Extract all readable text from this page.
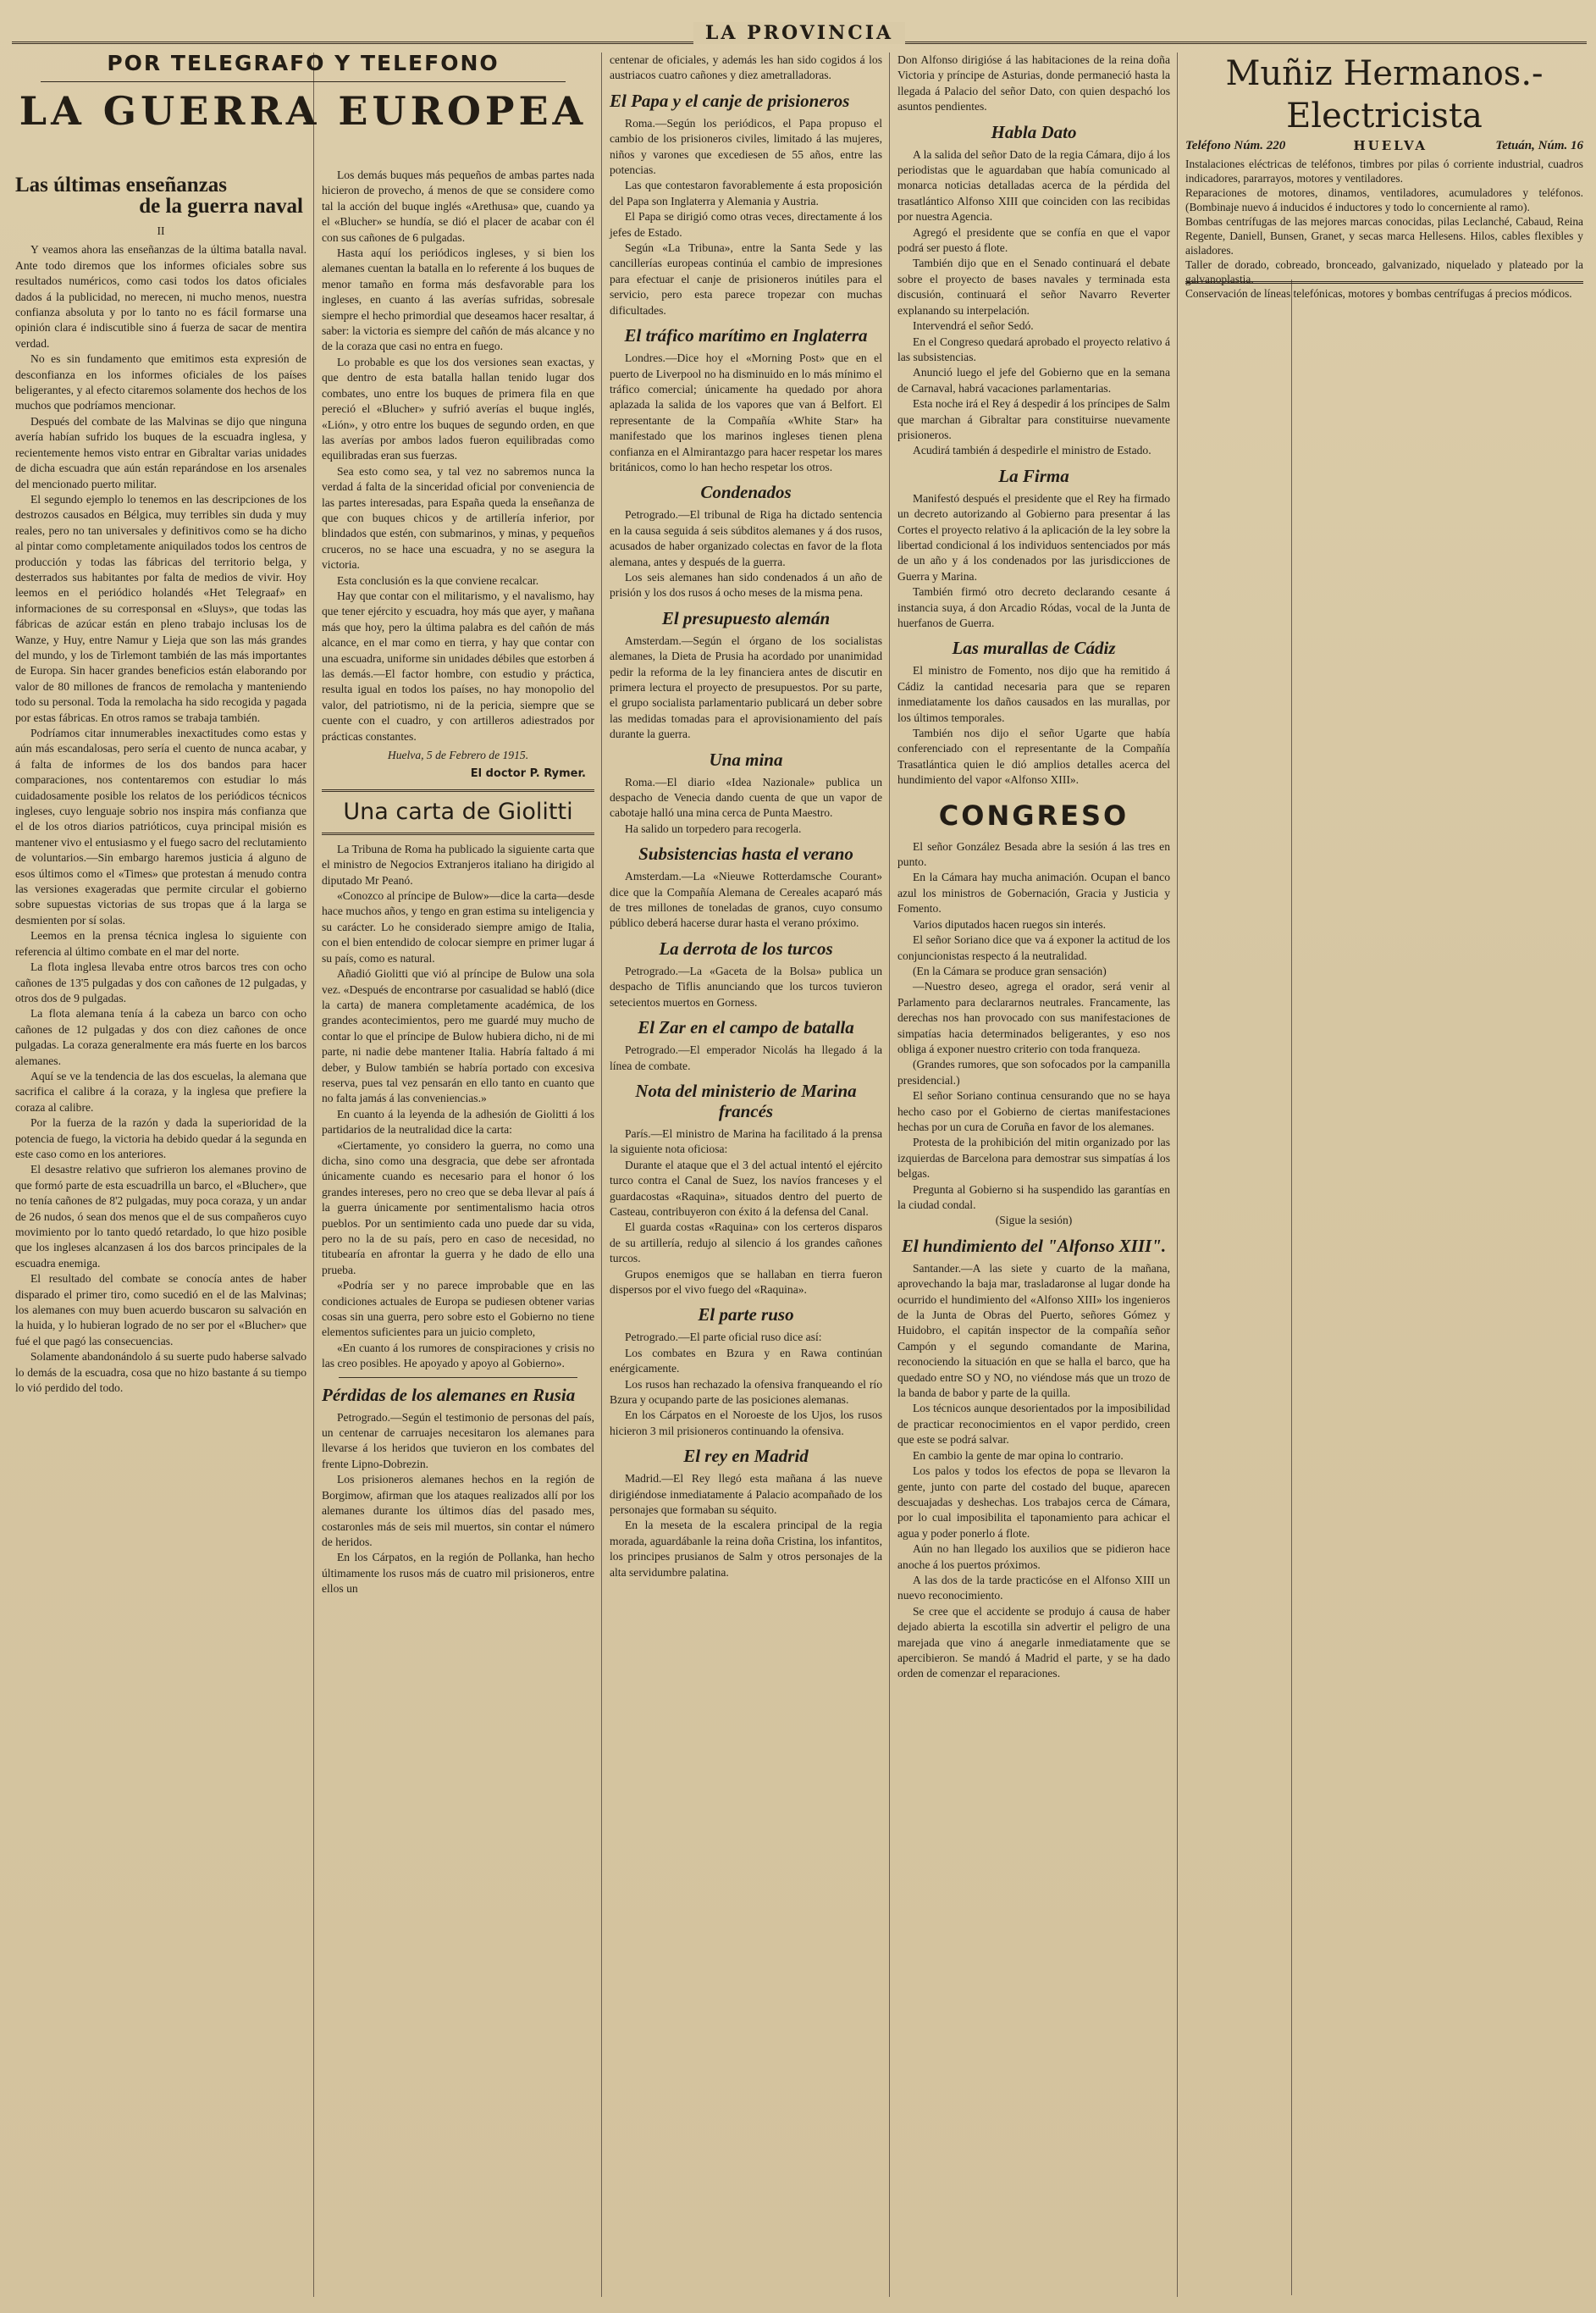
LA PROVINCIA
POR TELEGRAFO Y TELEFONO
LA GUERRA EUROPEA
Las últimas enseñanzas
de la guerra naval
II

Y veamos ahora las enseñanzas de la última batalla naval. Ante todo diremos que los informes oficiales sobre sus resultados numéricos, como casi todos los datos oficiales dados á la publicidad, no merecen, ni mucho menos, nuestra confianza absoluta y por lo tanto no es fácil formarse una opinión clara é indiscutible sino á fuerza de sacar de mentira verdad.

No es sin fundamento que emitimos esta expresión de desconfianza en los informes oficiales de los países beligerantes, y al efecto citaremos solamente dos hechos de los muchos que podríamos mencionar.

Después del combate de las Malvinas se dijo que ninguna avería habían sufrido los buques de la escuadra inglesa, y recientemente hemos visto entrar en Gibraltar varias unidades de dicha escuadra que aún están reparándose en los arsenales del mencionado puerto militar.

El segundo ejemplo lo tenemos en las descripciones de los destrozos causados en Bélgica, muy terribles sin duda y muy reales, pero no tan universales y definitivos como se ha dicho al pintar como completamente aniquilados todos los centros de producción y todas las fábricas del territorio belga, y desterrados sus habitantes por falta de medios de vivir. Hoy leemos en el periódico holandés «Het Telegraaf» en informaciones de su corresponsal en «Sluys», que todas las fábricas de azúcar están en pleno trabajo inclusas los de Wanze, y Huy, entre Namur y Lieja que son las más grandes del mundo, y los de Tirlemont también de las más importantes de Europa. Sin hacer grandes beneficios están elaborando por valor de 80 millones de francos de remolacha y manteniendo todo su personal. Toda la remolacha ha sido recogida y pagada por estas fábricas. En otros ramos se trabaja también.

Podríamos citar innumerables inexactitudes como estas y aún más escandalosas, pero sería el cuento de nunca acabar, y á falta de informes de los dos bandos para hacer comparaciones, nos contentaremos con estudiar lo más cuidadosamente posible los relatos de los periódicos técnicos ingleses, cuyo lenguaje sobrio nos inspira más confianza que el de los otros diarios patrióticos, cuya principal misión es mantener vivo el entusiasmo y el fuego sacro del reclutamiento de voluntarios.—Sin embargo haremos justicia á alguno de esos últimos como el «Times» que protestan á menudo contra las versiones exageradas que permite circular el gobierno sobre supuestas victorias de sus tropas que á la larga se desmienten por sí solas.

Leemos en la prensa técnica inglesa lo siguiente con referencia al último combate en el mar del norte.

La flota inglesa llevaba entre otros barcos tres con ocho cañones de 13'5 pulgadas y dos con cañones de 12 pulgadas, y otros dos de 9 pulgadas.

La flota alemana tenía á la cabeza un barco con ocho cañones de 12 pulgadas y dos con diez cañones de once pulgadas. La coraza generalmente era más fuerte en los barcos alemanes.

Aquí se ve la tendencia de las dos escuelas, la alemana que sacrifica el calibre á la coraza, y la inglesa que prefiere la coraza al calibre.

Por la fuerza de la razón y dada la superioridad de la potencia de fuego, la victoria ha debido quedar á la segunda en este caso como en los anteriores.

El desastre relativo que sufrieron los alemanes provino de que formó parte de esta escuadrilla un barco, el «Blucher», que no tenía cañones de 8'2 pulgadas, muy poca coraza, y un andar de 26 nudos, ó sean dos menos que el de sus compañeros cuyo movimiento por lo tanto quedó retardado, lo que hizo posible que los ingleses alcanzasen á los dos barcos principales de la escuadra enemiga.

El resultado del combate se conocía antes de haber disparado el primer tiro, como sucedió en el de las Malvinas; los alemanes con muy buen acuerdo buscaron su salvación en la huida, y lo hubieran logrado de no ser por el «Blucher» que fué el que pagó las consecuencias.

Solamente abandonándolo á su suerte pudo haberse salvado lo demás de la escuadra, cosa que no hizo bastante á su tiempo lo vió perdido del todo.

Los demás buques más pequeños de ambas partes nada hicieron de provecho, á menos de que se considere como tal la acción del buque inglés «Arethusa» que, cuando ya el «Blucher» se hundía, se dió el placer de acabar con él con sus cañones de 6 pulgadas.

Hasta aquí los periódicos ingleses, y si bien los alemanes cuentan la batalla en lo referente á los buques de menor tamaño en forma más desfavorable para los ingleses, en cuanto á las averías sufridas, sobresale siempre el hecho primordial que deseamos hacer resaltar, á saber: la victoria es siempre del cañón de más alcance y no de la coraza que casi no entra en fuego.

Lo probable es que los dos versiones sean exactas, y que dentro de esta batalla hallan tenido lugar dos combates, uno entre los buques de primera fila en que pereció el «Blucher» y sufrió averías el buque inglés, «Lión», y otro entre los buques de segundo orden, en que las averías por ambos lados fueron equilibradas como equilibradas eran sus fuerzas.

Sea esto como sea, y tal vez no sabremos nunca la verdad á falta de la sinceridad oficial por conveniencia de las partes interesadas, para España queda la enseñanza de que con buques chicos y de artillería inferior, por blindados que estén, con submarinos, y minas, y pequeños cruceros, no se hace una escuadra, y no se asegura la victoria.

Esta conclusión es la que conviene recalcar.

Hay que contar con el militarismo, y el navalismo, hay que tener ejército y escuadra, hoy más que ayer, y mañana más que hoy, pero la última palabra es del cañón de más alcance, en el mar como en tierra, y hay que contar con una escuadra, uniforme sin unidades débiles que estorben á las demás.—El factor hombre, con estudio y práctica, resulta igual en todos los países, no hay monopolio del valor, del patriotismo, ni de la pericia, siempre que se cuente con el cuadro, y con artilleros adiestrados por prácticas constantes.

Huelva, 5 de Febrero de 1915.
El doctor P. Rymer.
Una carta de Giolitti

La Tribuna de Roma ha publicado la siguiente carta que el ministro de Negocios Extranjeros italiano ha dirigido al diputado Mr Peanó.

«Conozco al príncipe de Bulow»—dice la carta—desde hace muchos años, y tengo en gran estima su inteligencia y su carácter. Lo he considerado siempre amigo de Italia, con el bien entendido de colocar siempre en primer lugar á su país, como es natural.

Añadió Giolitti que vió al príncipe de Bulow una sola vez. «Después de encontrarse por casualidad se habló (dice la carta) de manera completamente académica, de los grandes acontecimientos, pero me guardé muy mucho de contar lo que el príncipe de Bulow hubiera dicho, ni de mi parte, ni nadie debe mantener Italia. Habría faltado á mi deber, y Bulow también se habría portado con excesiva reserva, pues tal vez pensarán en ello tanto en cuanto que no falta jamás á las conveniencias.»

En cuanto á la leyenda de la adhesión de Giolitti á los partidarios de la neutralidad dice la carta:

«Ciertamente, yo considero la guerra, no como una dicha, sino como una desgracia, que debe ser afrontada únicamente cuando es necesario para el honor ó los grandes intereses, pero no creo que se deba llevar al país á la guerra únicamente por sentimentalismo hacia otros pueblos. Por un sentimiento cada uno puede dar su vida, pero no la de su país, pero en caso de necesidad, no titubearía en afrontar la guerra y he dado de ello una prueba.

«Podría ser y no parece improbable que en las condiciones actuales de Europa se pudiesen obtener varias cosas sin una guerra, pero sobre esto el Gobierno no tiene elementos suficientes para un juicio completo,

«En cuanto á los rumores de conspiraciones y crisis no las creo posibles. He apoyado y apoyo al Gobierno».

Pérdidas de los alemanes en Rusia

Petrogrado.—Según el testimonio de personas del país, un centenar de carruajes necesitaron los alemanes para llevarse á los heridos que tuvieron en los combates del frente Lipno-Dobrezin.

Los prisioneros alemanes hechos en la región de Borgimow, afirman que los ataques realizados allí por los alemanes durante los últimos días del pasado mes, costaronles más de seis mil muertos, sin contar el número de heridos.

En los Cárpatos, en la región de Pollanka, han hecho últimamente los rusos más de cuatro mil prisioneros, entre ellos un

centenar de oficiales, y además les han sido cogidos á los austriacos cuatro cañones y diez ametralladoras.

El Papa y el canje de prisioneros

Roma.—Según los periódicos, el Papa propuso el cambio de los prisioneros civiles, limitado á las mujeres, niños y varones que excediesen de 55 años, entre las potencias.

Las que contestaron favorablemente á esta proposición del Papa son Inglaterra y Alemania y Austria.

El Papa se dirigió como otras veces, directamente á los jefes de Estado.

Según «La Tribuna», entre la Santa Sede y las cancillerías europeas continúa el cambio de impresiones para efectuar el canje de prisioneros inútiles para el servicio, pero esta parece tropezar con muchas dificultades.

El tráfico marítimo en Inglaterra

Londres.—Dice hoy el «Morning Post» que en el puerto de Liverpool no ha disminuido en lo más mínimo el tráfico comercial; únicamente ha quedado por ahora aplazada la salida de los vapores que van á Belfort. El representante de la Compañía «White Star» ha manifestado que los marinos ingleses tienen plena confianza en el Almirantazgo para hacer respetar los mares británicos, como lo han hecho respetar los otros.

Condenados

Petrogrado.—El tribunal de Riga ha dictado sentencia en la causa seguida á seis súbditos alemanes y á dos rusos, acusados de haber organizado colectas en favor de la flota alemana, antes y después de la guerra.

Los seis alemanes han sido condenados á un año de prisión y los dos rusos á ocho meses de la misma pena.

El presupuesto alemán

Amsterdam.—Según el órgano de los socialistas alemanes, la Dieta de Prusia ha acordado por unanimidad pedir la reforma de la ley financiera antes de discutir en primera lectura el proyecto de presupuestos. Por su parte, el grupo socialista parlamentario publicará un deber sobre las medidas tomadas para el aprovisionamiento del país durante la guerra.

Una mina

Roma.—El diario «Idea Nazionale» publica un despacho de Venecia dando cuenta de que un vapor de cabotaje halló una mina cerca de Punta Maestro.

Ha salido un torpedero para recogerla.

Subsistencias hasta el verano

Amsterdam.—La «Nieuwe Rotterdamsche Courant» dice que la Compañía Alemana de Cereales acaparó más de tres millones de toneladas de granos, cuyo consumo público deberá hacerse durar hasta el verano próximo.

La derrota de los turcos

Petrogrado.—La «Gaceta de la Bolsa» publica un despacho de Tiflis anunciando que los turcos tuvieron setecientos muertos en Gorness.

El Zar en el campo de batalla

Petrogrado.—El emperador Nicolás ha llegado á la línea de combate.

Nota del ministerio de Marina francés

París.—El ministro de Marina ha facilitado á la prensa la siguiente nota oficiosa:

Durante el ataque que el 3 del actual intentó el ejército turco contra el Canal de Suez, los navíos franceses y el guardacostas «Raquina», situados dentro del puerto de Casteau, contribuyeron con éxito á la defensa del Canal.

El guarda costas «Raquina» con los certeros disparos de su artillería, redujo al silencio á los grandes cañones turcos.

Grupos enemigos que se hallaban en tierra fueron dispersos por el vivo fuego del «Raquina».

El parte ruso

Petrogrado.—El parte oficial ruso dice así:

Los combates en Bzura y en Rawa continúan enérgicamente.

Los rusos han rechazado la ofensiva franqueando el río Bzura y ocupando parte de las posiciones alemanas.

En los Cárpatos en el Noroeste de los Ujos, los rusos hicieron 3 mil prisioneros continuando la ofensiva.

El rey en Madrid

Madrid.—El Rey llegó esta mañana á las nueve dirigiéndose inmediatamente á Palacio acompañado de los personajes que formaban su séquito.

En la meseta de la escalera principal de la regia morada, aguardábanle la reina doña Cristina, los infantitos, los principes prusianos de Salm y otros personajes de la alta servidumbre palatina.

Don Alfonso dirigióse á las habitaciones de la reina doña Victoria y príncipe de Asturias, donde permaneció hasta la llegada á Palacio del señor Dato, con quien despachó los asuntos pendientes.

Habla Dato

A la salida del señor Dato de la regia Cámara, dijo á los periodistas que le aguardaban que había comunicado al monarca noticias detalladas acerca de la pérdida del trasatlántico Alfonso XIII que coinciden con las recibidas por nuestra Agencia.

Agregó el presidente que se confía en que el vapor podrá ser puesto á flote.

También dijo que en el Senado continuará el debate sobre el proyecto de bases navales y terminada esta discusión, continuará el señor Navarro Reverter explanando su interpelación.

Intervendrá el señor Sedó.

En el Congreso quedará aprobado el proyecto relativo á las subsistencias.

Anunció luego el jefe del Gobierno que en la semana de Carnaval, habrá vacaciones parlamentarias.

Esta noche irá el Rey á despedir á los príncipes de Salm que marchan á Gibraltar para constituirse nuevamente prisioneros.

Acudirá también á despedirle el ministro de Estado.

La Firma

Manifestó después el presidente que el Rey ha firmado un decreto autorizando al Gobierno para presentar á las Cortes el proyecto relativo á la aplicación de la ley sobre la libertad condicional á los individuos sentenciados por más de un año y á los condenados por las jurisdicciones de Guerra y Marina.

También firmó otro decreto declarando cesante á instancia suya, á don Arcadio Ródas, vocal de la Junta de huerfanos de Guerra.

Las murallas de Cádiz

El ministro de Fomento, nos dijo que ha remitido á Cádiz la cantidad necesaria para que se reparen inmediatamente los daños causados en las murallas, por los últimos temporales.

También nos dijo el señor Ugarte que había conferenciado con el representante de la Compañía Trasatlántica quien le dió amplios detalles acerca del hundimiento del vapor «Alfonso XIII».

CONGRESO

El señor González Besada abre la sesión á las tres en punto.

En la Cámara hay mucha animación. Ocupan el banco azul los ministros de Gobernación, Gracia y Justicia y Fomento.

Varios diputados hacen ruegos sin interés.

El señor Soriano dice que va á exponer la actitud de los conjuncionistas respecto á la neutralidad.

(En la Cámara se produce gran sensación)

—Nuestro deseo, agrega el orador, será venir al Parlamento para declararnos neutrales. Francamente, las derechas nos han provocado con sus manifestaciones de simpatías hacia determinados beligerantes, y eso nos obliga á exponer nuestro criterio con toda franqueza.

(Grandes rumores, que son sofocados por la campanilla presidencial.)

El señor Soriano continua censurando que no se haya hecho caso por el Gobierno de ciertas manifestaciones hechas por un cura de Coruña en favor de los alemanes.

Protesta de la prohibición del mitin organizado por las izquierdas de Barcelona para demostrar sus simpatías á los belgas.

Pregunta al Gobierno si ha suspendido las garantías en la ciudad condal.

(Sigue la sesión)

El hundimiento del "Alfonso XIII".

Santander.—A las siete y cuarto de la mañana, aprovechando la baja mar, trasladaronse al lugar donde ha ocurrido el hundimiento del «Alfonso XIII» los ingenieros de la Junta de Obras del Puerto, señores Gómez y Huidobro, el capitán inspector de la compañía señor Campón y el segundo comandante de Marina, reconociendo la situación en que se halla el barco, que ha quedado entre SO y NO, no viéndose más que un trozo de la banda de babor y parte de la quilla.

Los técnicos aunque desorientados por la imposibilidad de practicar reconocimientos en el vapor perdido, creen que este se podrá salvar.

En cambio la gente de mar opina lo contrario.

Los palos y todos los efectos de popa se llevaron la gente, junto con parte del costado del buque, aparecen descuajadas y deshechas. Los trabajos cerca de Cámara, por lo cual imposibilita el taponamiento para achicar el agua y poder ponerlo á flote.

Aún no han llegado los auxilios que se pidieron hace anoche á los puertos próximos.

A las dos de la tarde practicóse en el Alfonso XIII un nuevo reconocimiento.

Se cree que el accidente se produjo á causa de haber dejado abierta la escotilla sin advertir el peligro de una marejada que vino á anegarle inmediatamente que se apercibieron. Se mandó á Madrid el parte, y se ha dado orden de comenzar el reparaciones.

Muñiz Hermanos.-Electricista
Teléfono Núm. 220	HUELVA	Tetuán, Núm. 16

Instalaciones eléctricas de teléfonos, timbres por pilas ó corriente industrial, cuadros indicadores, pararrayos, motores y ventiladores.

Reparaciones de motores, dinamos, ventiladores, acumuladores y teléfonos. (Bombinaje nuevo á inducidos é inductores y todo lo concerniente al ramo).

Bombas centrífugas de las mejores marcas conocidas, pilas Leclanché, Cabaud, Reina Regente, Daniell, Bunsen, Granet, y secas marca Hellesens. Hilos, cables flexibles y aisladores.

Taller de dorado, cobreado, bronceado, galvanizado, niquelado y plateado por la galvanoplastia.

Conservación de líneas telefónicas, motores y bombas centrífugas á precios módicos.
